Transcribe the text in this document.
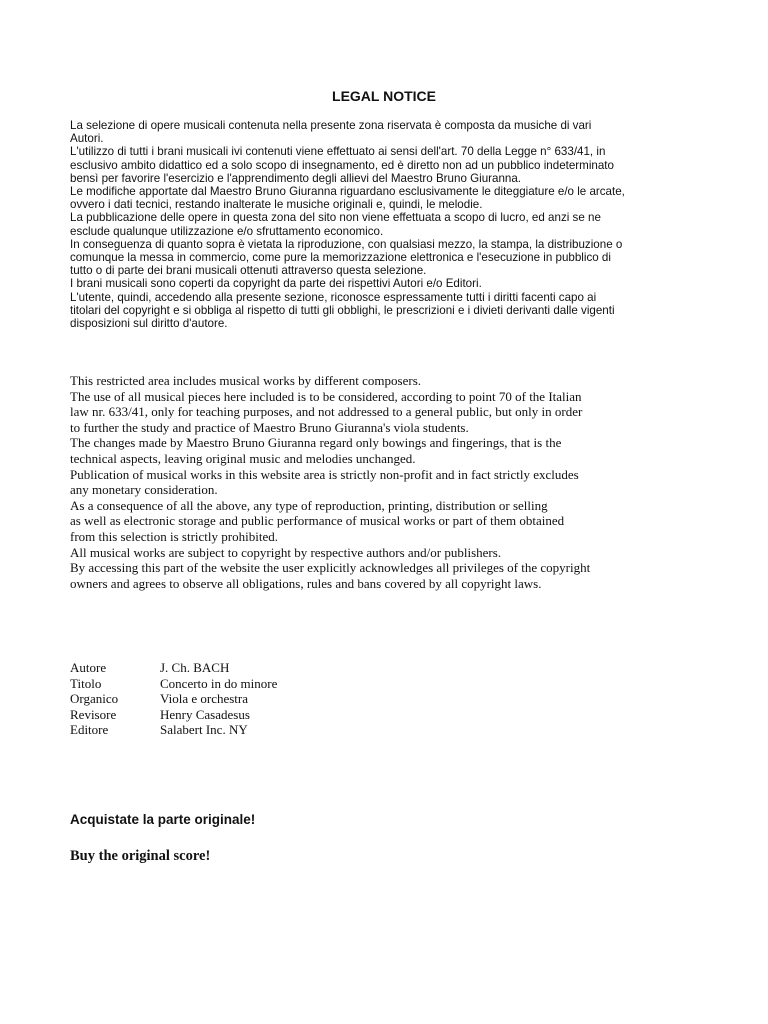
LEGAL NOTICE

La selezione di opere musicali contenuta nella presente zona riservata è composta da musiche di vari
Autori.

L'utilizzo di tutti i brani musicali ivi contenuti viene effettuato ai sensi dell'art. 70 della Legge n° 633/41, in
esclusivo ambito didattico ed a solo scopo di insegnamento, ed è diretto non ad un pubblico indeterminato
bensì per favorire l'esercizio e l'apprendimento degli allievi del Maestro Bruno Giuranna.

Le modifiche apportate dal Maestro Bruno Giuranna riguardano esclusivamente le diteggiature e/o le arcate,
ovvero i dati tecnici, restando inalterate le musiche originali e, quindi, le melodie.

La pubblicazione delle opere in questa zona del sito non viene effettuata a scopo di lucro, ed anzi se ne
esclude qualunque utilizzazione e/o sfruttamento economico.

In conseguenza di quanto sopra è vietata la riproduzione, con qualsiasi mezzo, la stampa, la distribuzione o
comunque la messa in commercio, come pure la memorizzazione elettronica e l'esecuzione in pubblico di
tutto o di parte dei brani musicali ottenuti attraverso questa selezione.

I brani musicali sono coperti da copyright da parte dei rispettivi Autori e/o Editori.

L'utente, quindi, accedendo alla presente sezione, riconosce espressamente tutti i diritti facenti capo ai
titolari del copyright e si obbliga al rispetto di tutti gli obblighi, le prescrizioni e i divieti derivanti dalle vigenti
disposizioni sul diritto d'autore.

This restricted area includes musical works by different composers.

The use of all musical pieces here included is to be considered, according to point 70 of the Italian
law nr. 633/41, only for teaching purposes, and not addressed to a general public, but only in order
to further the study and practice of Maestro Bruno Giuranna's viola students.

The changes made by Maestro Bruno Giuranna regard only bowings and fingerings, that is the
technical aspects, leaving original music and melodies unchanged.

Publication of musical works in this website area is strictly non-profit and in fact strictly excludes
any monetary consideration.

As a consequence of all the above, any type of reproduction, printing, distribution or selling
as well as electronic storage and public performance of musical works or part of them obtained
from this selection is strictly prohibited.

All musical works are subject to copyright by respective authors and/or publishers.

By accessing this part of the website the user explicitly acknowledges all privileges of the copyright
owners and agrees to observe all obligations, rules and bans covered by all copyright laws.

Autore	J. Ch. BACH
Titolo	Concerto in do minore
Organico	Viola e orchestra
Revisore	Henry Casadesus
Editore	Salabert Inc. NY
Acquistate la parte originale!
Buy the original score!
